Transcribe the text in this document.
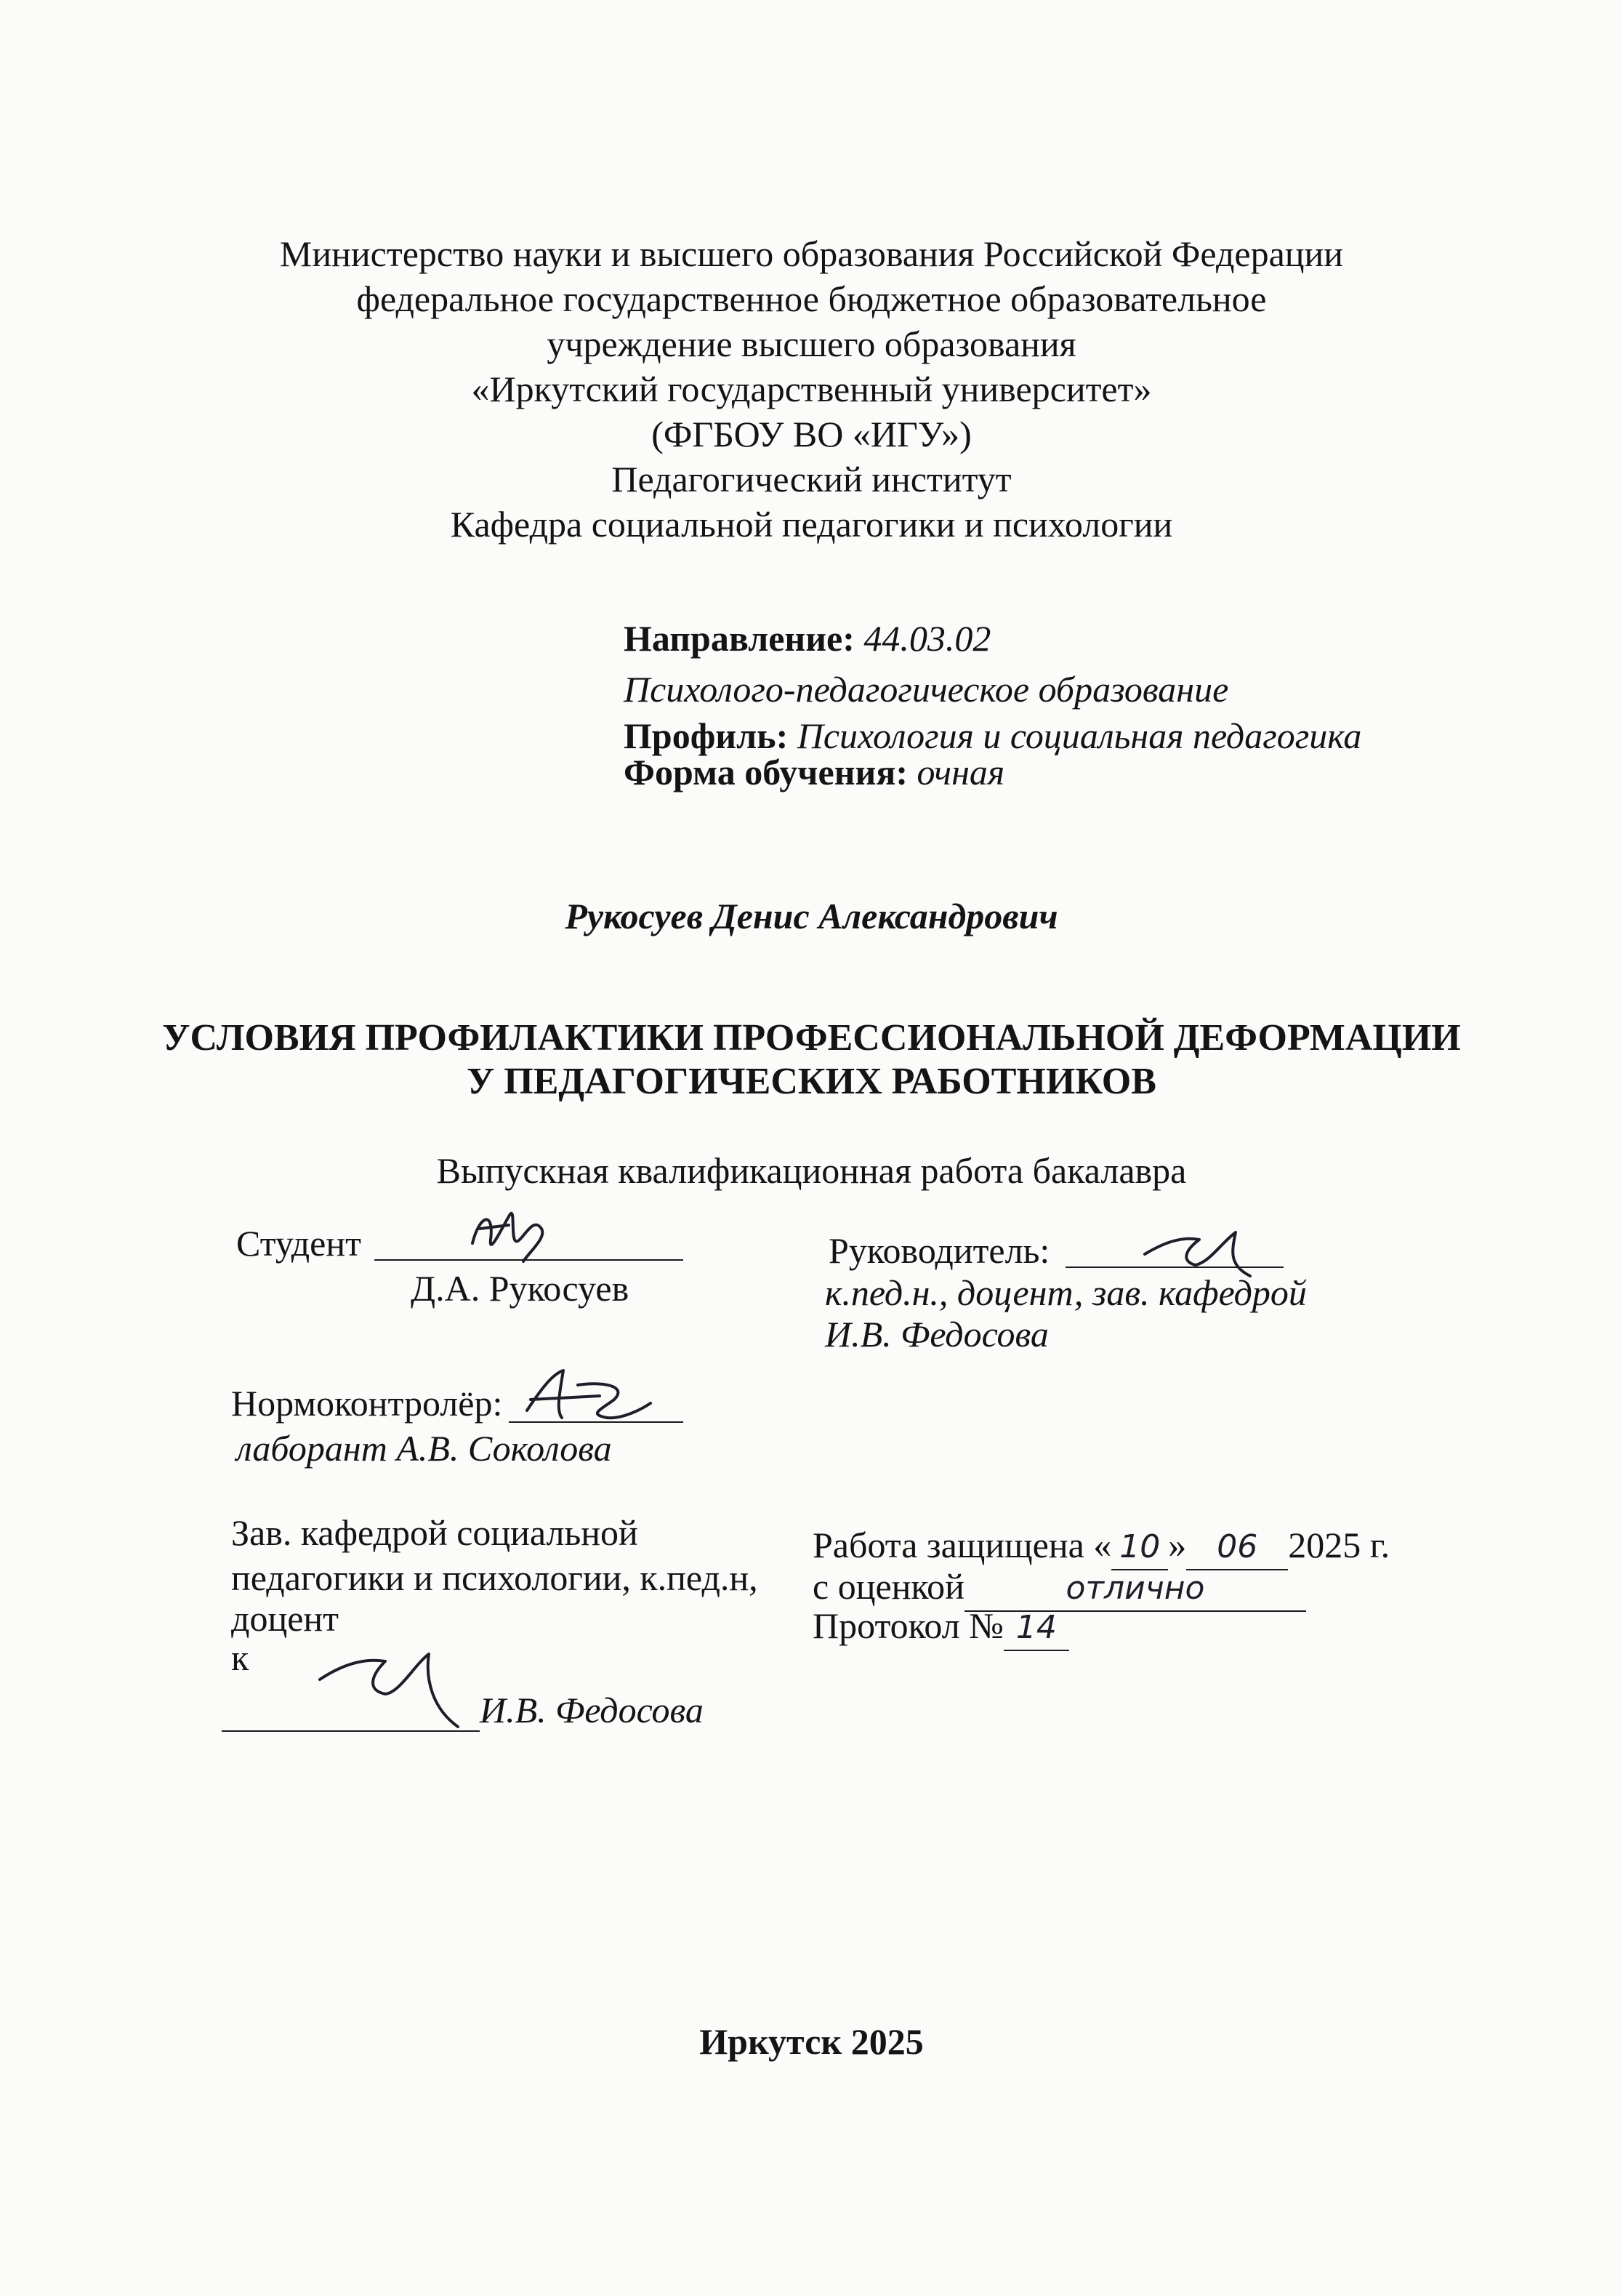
Министерство науки и высшего образования Российской Федерации
федеральное государственное бюджетное образовательное
учреждение высшего образования
«Иркутский государственный университет»
(ФГБОУ ВО «ИГУ»)
Педагогический институт
Кафедра социальной педагогики и психологии
Направление: 44.03.02
Психолого-педагогическое образование
Профиль: Психология и социальная педагогика
Форма обучения: очная
Рукосуев Денис Александрович
УСЛОВИЯ ПРОФИЛАКТИКИ ПРОФЕССИОНАЛЬНОЙ ДЕФОРМАЦИИ
У ПЕДАГОГИЧЕСКИХ РАБОТНИКОВ
Выпускная квалификационная работа бакалавра
Студент
Д.А. Рукосуев
Руководитель:
к.пед.н., доцент, зав. кафедрой
И.В. Федосова
Нормоконтролёр:
лаборант А.В. Соколова
Зав. кафедрой социальной
педагогики и психологии, к.пед.н,
доцент
к
И.В. Федосова
Работа защищена « 10 » 06 2025 г.
с оценкой	отлично
Протокол № 14
Иркутск 2025
